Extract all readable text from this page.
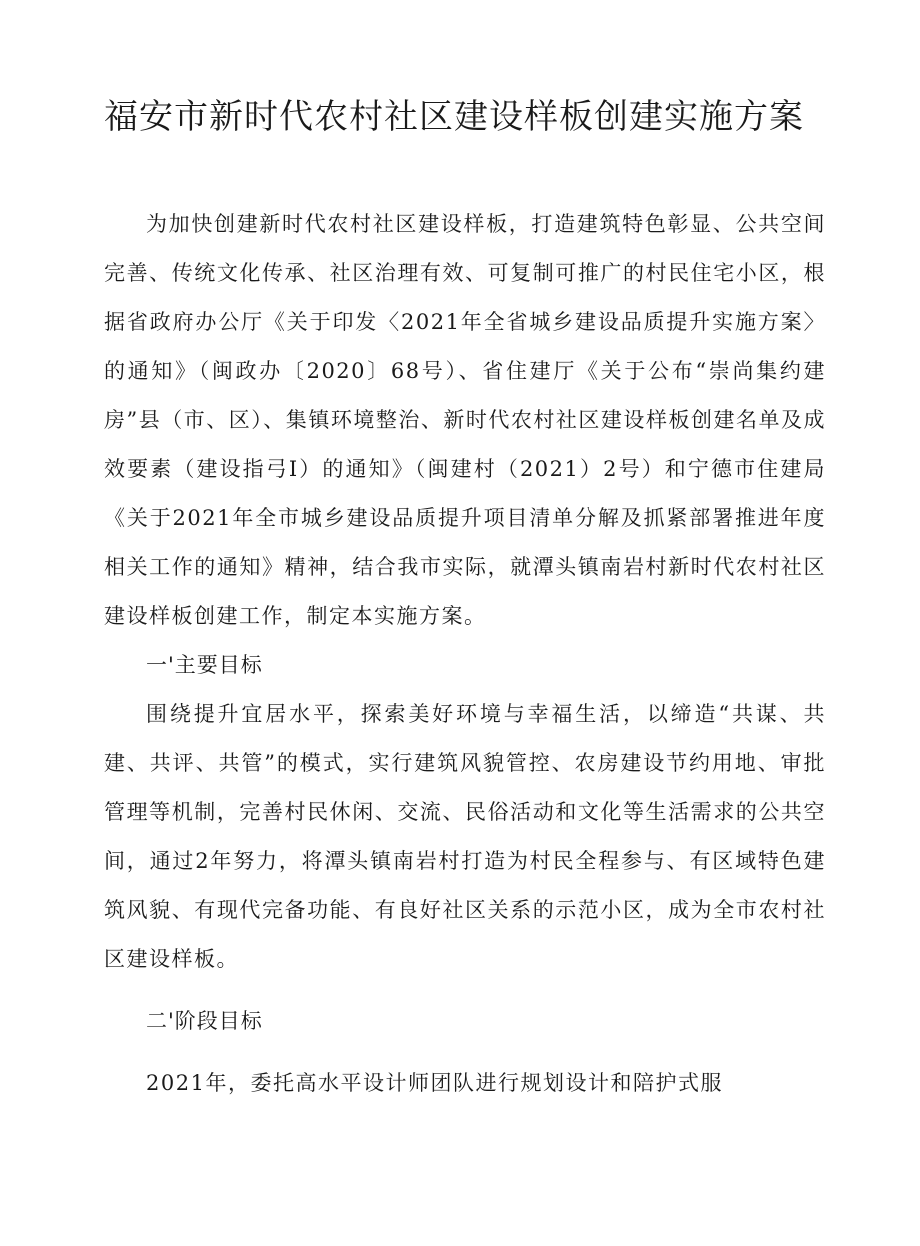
福安市新时代农村社区建设样板创建实施方案

为加快创建新时代农村社区建设样板，打造建筑特色彰显、公共空间完善、传统文化传承、社区治理有效、可复制可推广的村民住宅小区，根据省政府办公厅《关于印发〈2021年全省城乡建设品质提升实施方案〉的通知》（闽政办〔2020〕68号）、省住建厅《关于公布“崇尚集约建房”县（市、区）、集镇环境整治、新时代农村社区建设样板创建名单及成效要素（建设指弓I）的通知》（闽建村（2021）2号）和宁德市住建局《关于2021年全市城乡建设品质提升项目清单分解及抓紧部署推进年度相关工作的通知》精神，结合我市实际，就潭头镇南岩村新时代农村社区建设样板创建工作，制定本实施方案。

一'主要目标

围绕提升宜居水平，探索美好环境与幸福生活，以缔造“共谋、共建、共评、共管”的模式，实行建筑风貌管控、农房建设节约用地、审批管理等机制，完善村民休闲、交流、民俗活动和文化等生活需求的公共空间，通过2年努力，将潭头镇南岩村打造为村民全程参与、有区域特色建筑风貌、有现代完备功能、有良好社区关系的示范小区，成为全市农村社区建设样板。

二'阶段目标

2021年，委托高水平设计师团队进行规划设计和陪护式服
